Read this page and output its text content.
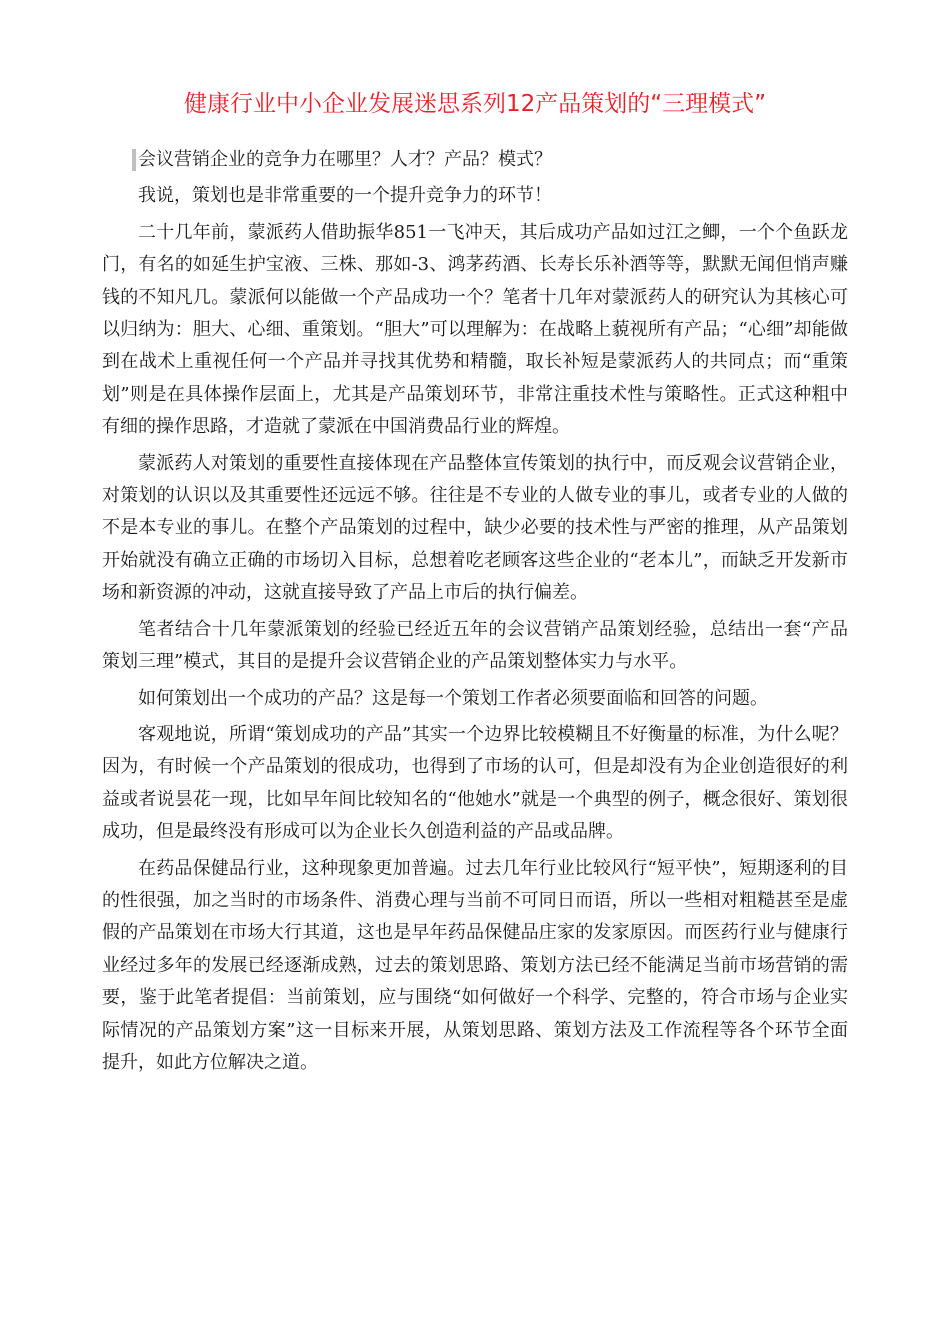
健康行业中小企业发展迷思系列12产品策划的“三理模式”

会议营销企业的竞争力在哪里？人才？产品？模式？

我说，策划也是非常重要的一个提升竞争力的环节！

二十几年前，蒙派药人借助振华851一飞冲天，其后成功产品如过江之鲫，一个个鱼跃龙门，有名的如延生护宝液、三株、那如-3、鸿茅药酒、长寿长乐补酒等等，默默无闻但悄声赚钱的不知凡几。蒙派何以能做一个产品成功一个？笔者十几年对蒙派药人的研究认为其核心可以归纳为：胆大、心细、重策划。“胆大”可以理解为：在战略上藐视所有产品；“心细”却能做到在战术上重视任何一个产品并寻找其优势和精髓，取长补短是蒙派药人的共同点；而“重策划”则是在具体操作层面上，尤其是产品策划环节，非常注重技术性与策略性。正式这种粗中有细的操作思路，才造就了蒙派在中国消费品行业的辉煌。

蒙派药人对策划的重要性直接体现在产品整体宣传策划的执行中，而反观会议营销企业，对策划的认识以及其重要性还远远不够。往往是不专业的人做专业的事儿，或者专业的人做的不是本专业的事儿。在整个产品策划的过程中，缺少必要的技术性与严密的推理，从产品策划开始就没有确立正确的市场切入目标，总想着吃老顾客这些企业的“老本儿”，而缺乏开发新市场和新资源的冲动，这就直接导致了产品上市后的执行偏差。

笔者结合十几年蒙派策划的经验已经近五年的会议营销产品策划经验，总结出一套“产品策划三理”模式，其目的是提升会议营销企业的产品策划整体实力与水平。

如何策划出一个成功的产品？这是每一个策划工作者必须要面临和回答的问题。

客观地说，所谓“策划成功的产品”其实一个边界比较模糊且不好衡量的标准，为什么呢？因为，有时候一个产品策划的很成功，也得到了市场的认可，但是却没有为企业创造很好的利益或者说昙花一现，比如早年间比较知名的“他她水”就是一个典型的例子，概念很好、策划很成功，但是最终没有形成可以为企业长久创造利益的产品或品牌。

在药品保健品行业，这种现象更加普遍。过去几年行业比较风行“短平快”，短期逐利的目的性很强，加之当时的市场条件、消费心理与当前不可同日而语，所以一些相对粗糙甚至是虚假的产品策划在市场大行其道，这也是早年药品保健品庄家的发家原因。而医药行业与健康行业经过多年的发展已经逐渐成熟，过去的策划思路、策划方法已经不能满足当前市场营销的需要，鉴于此笔者提倡：当前策划，应与围绕“如何做好一个科学、完整的，符合市场与企业实际情况的产品策划方案”这一目标来开展，从策划思路、策划方法及工作流程等各个环节全面提升，如此方位解决之道。
